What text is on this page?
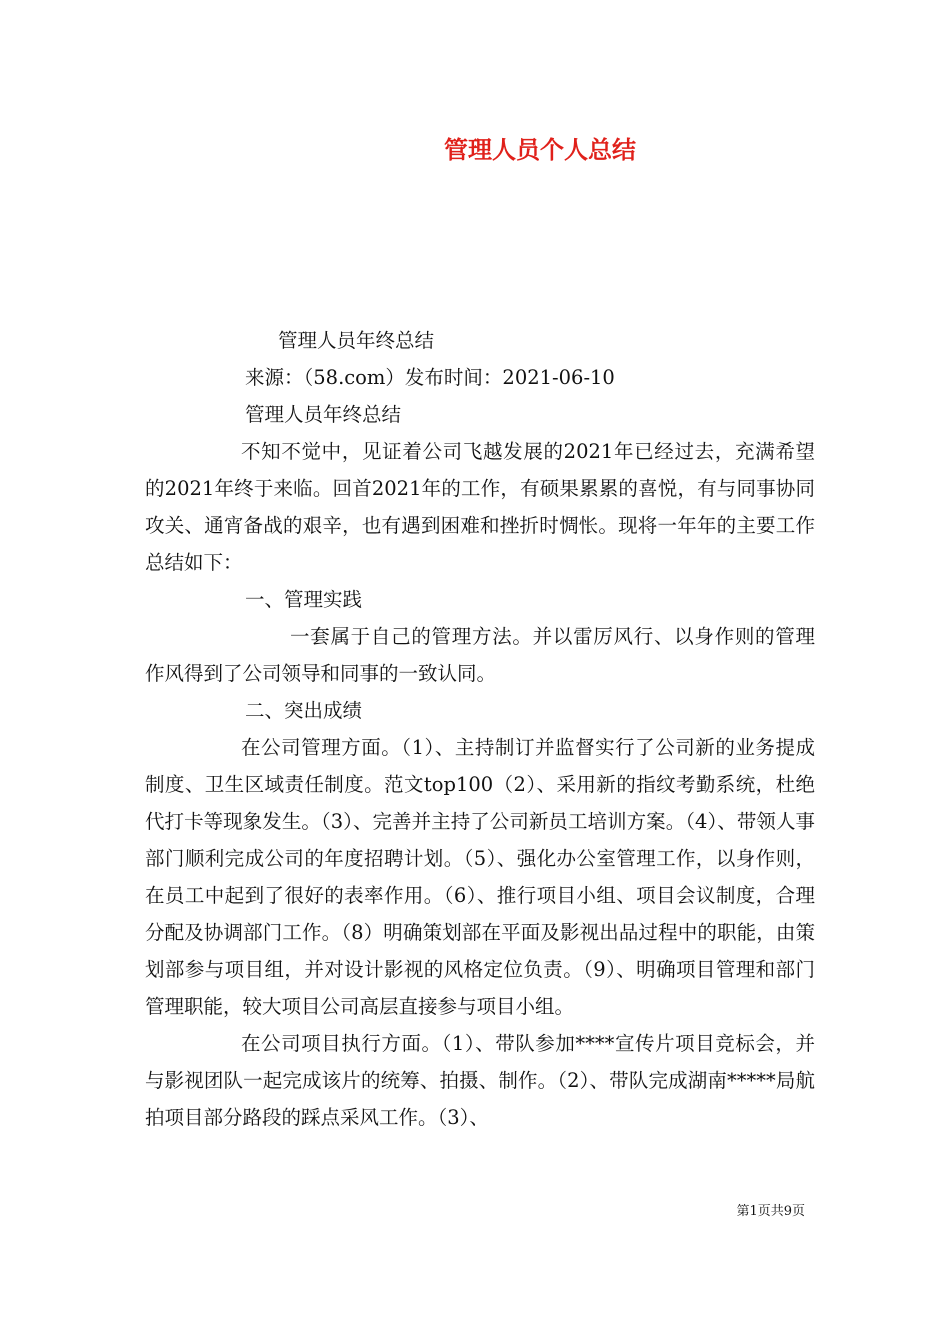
管理人员个人总结

管理人员年终总结

来源：（58.com）发布时间：2021-06-10

管理人员年终总结

不知不觉中，见证着公司飞越发展的2021年已经过去，充满希望的2021年终于来临。回首2021年的工作，有硕果累累的喜悦，有与同事协同攻关、通宵备战的艰辛，也有遇到困难和挫折时惆怅。现将一年年的主要工作总结如下：

一、管理实践

一套属于自己的管理方法。并以雷厉风行、以身作则的管理作风得到了公司领导和同事的一致认同。

二、突出成绩

在公司管理方面。（1）、主持制订并监督实行了公司新的业务提成制度、卫生区域责任制度。范文top100（2）、采用新的指纹考勤系统，杜绝代打卡等现象发生。（3）、完善并主持了公司新员工培训方案。（4）、带领人事部门顺利完成公司的年度招聘计划。（5）、强化办公室管理工作，以身作则，在员工中起到了很好的表率作用。（6）、推行项目小组、项目会议制度，合理分配及协调部门工作。（8）明确策划部在平面及影视出品过程中的职能，由策划部参与项目组，并对设计影视的风格定位负责。（9）、明确项目管理和部门管理职能，较大项目公司高层直接参与项目小组。

在公司项目执行方面。（1）、带队参加****宣传片项目竞标会，并与影视团队一起完成该片的统筹、拍摄、制作。（2）、带队完成湖南*****局航拍项目部分路段的踩点采风工作。（3）、

第1页共9页
